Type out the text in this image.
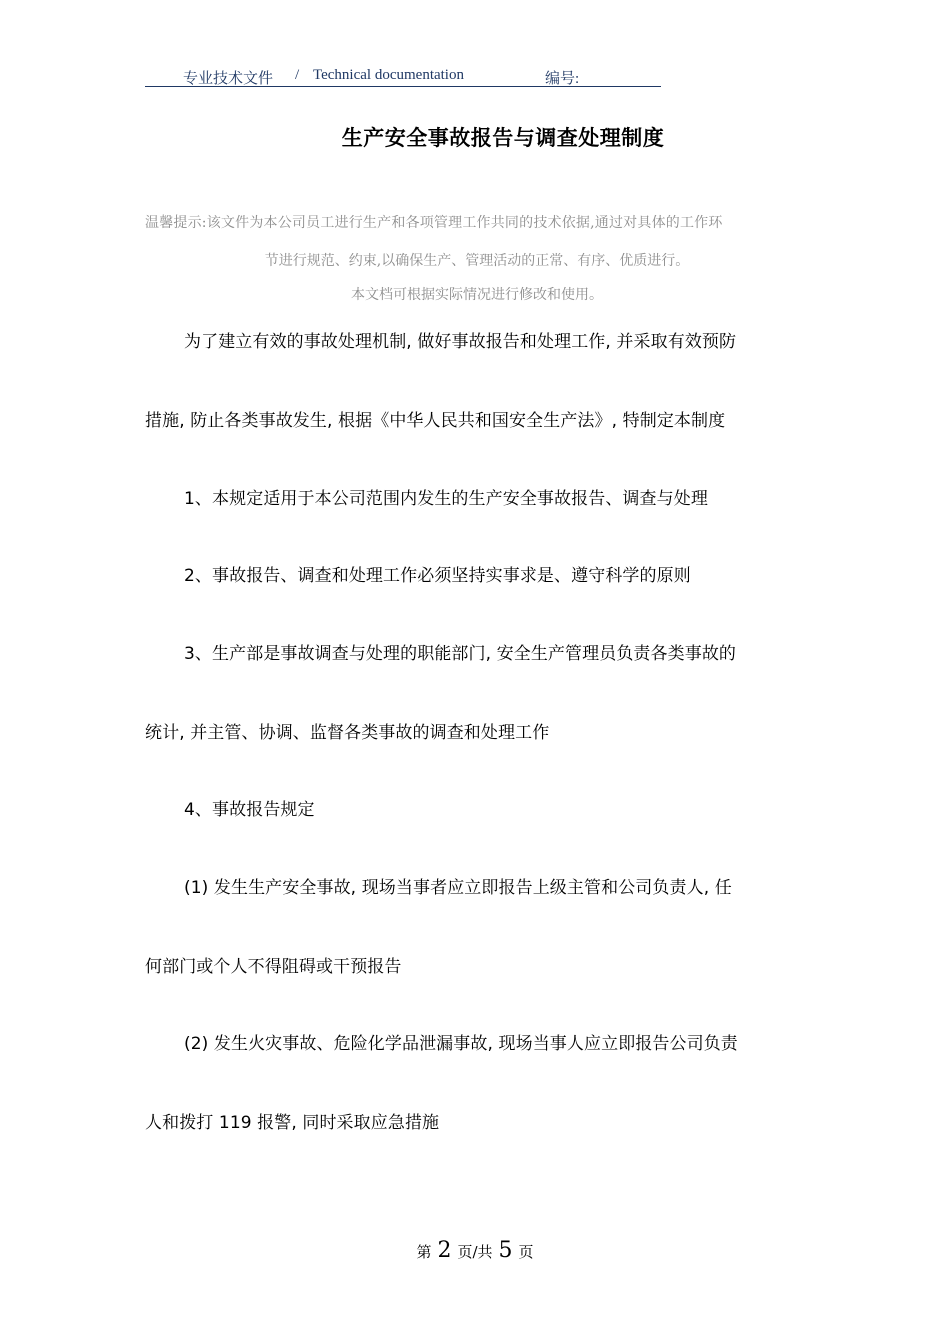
专业技术文件 / Technical documentation	编号:
生产安全事故报告与调查处理制度
温馨提示:该文件为本公司员工进行生产和各项管理工作共同的技术依据,通过对具体的工作环
节进行规范、约束,以确保生产、管理活动的正常、有序、优质进行。
本文档可根据实际情况进行修改和使用。
为了建立有效的事故处理机制, 做好事故报告和处理工作, 并采取有效预防
措施, 防止各类事故发生, 根据《中华人民共和国安全生产法》, 特制定本制度
1、本规定适用于本公司范围内发生的生产安全事故报告、调查与处理
2、事故报告、调查和处理工作必须坚持实事求是、遵守科学的原则
3、生产部是事故调查与处理的职能部门, 安全生产管理员负责各类事故的
统计, 并主管、协调、监督各类事故的调查和处理工作
4、事故报告规定
(1) 发生生产安全事故, 现场当事者应立即报告上级主管和公司负责人, 任
何部门或个人不得阻碍或干预报告
(2) 发生火灾事故、危险化学品泄漏事故, 现场当事人应立即报告公司负责
人和拨打 119 报警, 同时采取应急措施
第 2 页/共 5 页
